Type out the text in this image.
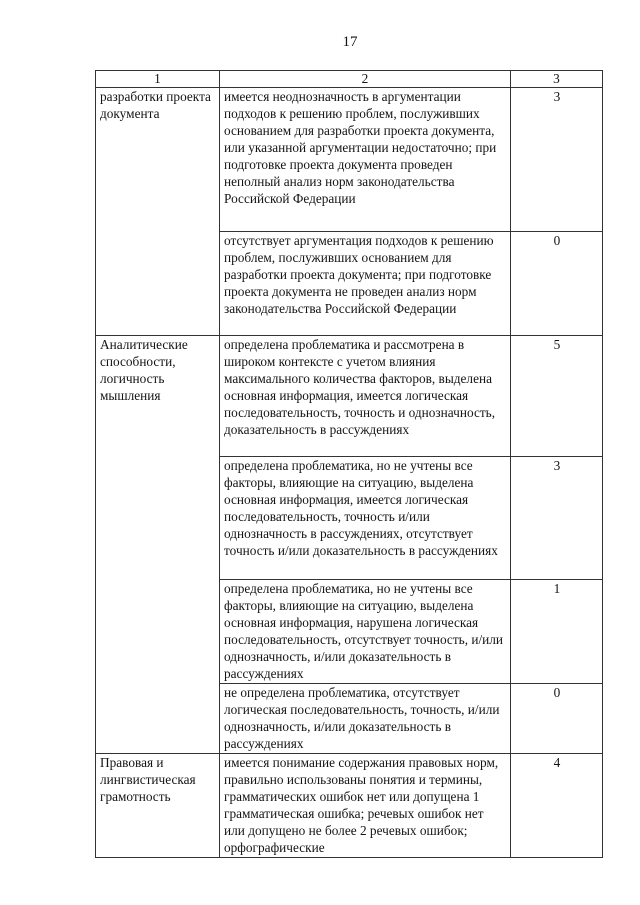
17
1	2	3
разработки проекта документа	имеется неоднозначность в аргументации подходов к решению проблем, послуживших основанием для разработки проекта документа, или указанной аргументации недостаточно; при подготовке проекта документа проведен неполный анализ норм законодательства Российской Федерации	3
	отсутствует аргументация подходов к решению проблем, послуживших основанием для разработки проекта документа; при подготовке проекта документа не проведен анализ норм законодательства Российской Федерации	0
Аналитические способности, логичность мышления	определена проблематика и рассмотрена в широком контексте с учетом влияния максимального количества факторов, выделена основная информация, имеется логическая последовательность, точность и однозначность, доказательность в рассуждениях	5
	определена проблематика, но не учтены все факторы, влияющие на ситуацию, выделена основная информация, имеется логическая последовательность, точность и/или однозначность в рассуждениях, отсутствует точность и/или доказательность в рассуждениях	3
	определена проблематика, но не учтены все факторы, влияющие на ситуацию, выделена основная информация, нарушена логическая последовательность, отсутствует точность, и/или однозначность, и/или доказательность в рассуждениях	1
	не определена проблематика, отсутствует логическая последовательность, точность, и/или однозначность, и/или доказательность в рассуждениях	0
Правовая и лингвистическая грамотность	имеется понимание содержания правовых норм, правильно использованы понятия и термины, грамматических ошибок нет или допущена 1 грамматическая ошибка; речевых ошибок нет или допущено не более 2 речевых ошибок; орфографические	4
